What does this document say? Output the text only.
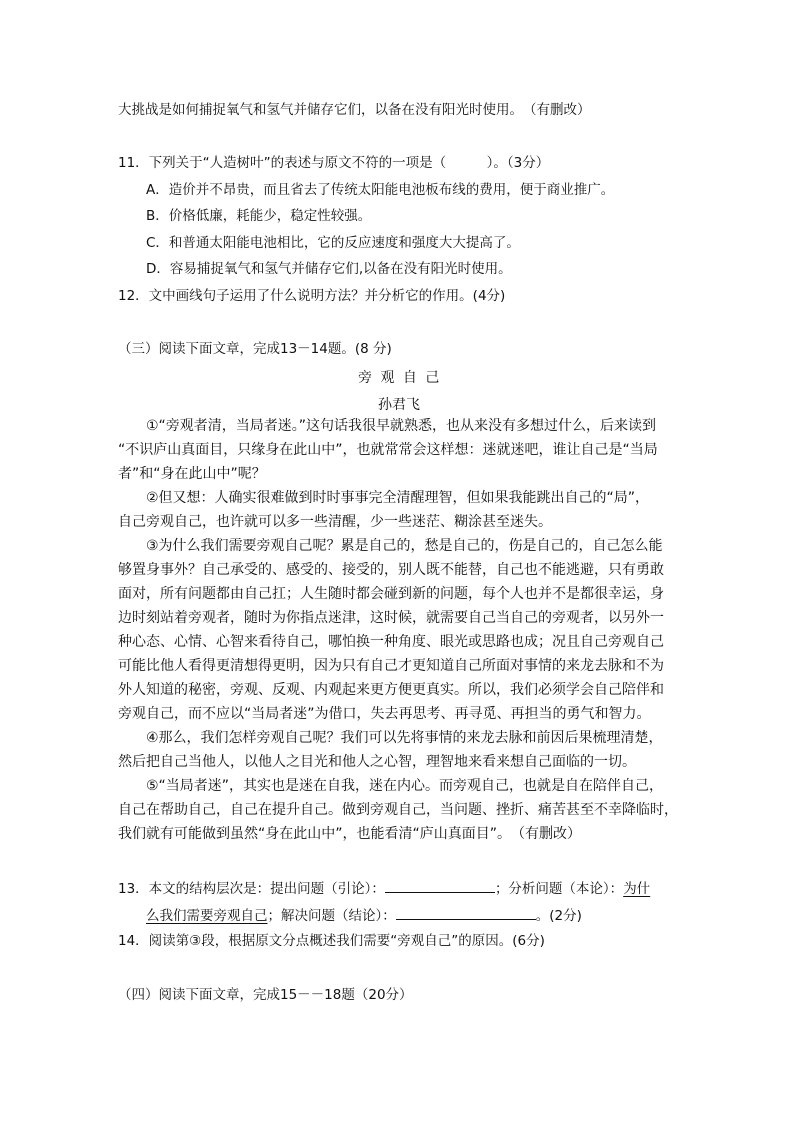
大挑战是如何捕捉氧气和氢气并储存它们，以备在没有阳光时使用。　（有删改）
11．下列关于“人造树叶”的表述与原文不符的一项是（　　　）。（3分）
A．造价并不昂贵，而且省去了传统太阳能电池板布线的费用，便于商业推广。
B．价格低廉，耗能少，稳定性较强。
C．和普通太阳能电池相比，它的反应速度和强度大大提高了。
D．容易捕捉氧气和氢气并储存它们,以备在没有阳光时使用。
12．文中画线句子运用了什么说明方法？并分析它的作用。(4分)
（三）阅读下面文章，完成13－14题。(8 分)
旁 观 自 己
孙君飞
①“旁观者清，当局者迷。”这句话我很早就熟悉，也从来没有多想过什么，后来读到
“不识庐山真面目，只缘身在此山中”，也就常常会这样想：迷就迷吧，谁让自己是“当局
者”和“身在此山中”呢？
②但又想：人确实很难做到时时事事完全清醒理智，但如果我能跳出自己的“局”，
自己旁观自己，也许就可以多一些清醒，少一些迷茫、糊涂甚至迷失。
③为什么我们需要旁观自己呢？累是自己的，愁是自己的，伤是自己的，自己怎么能
够置身事外？自己承受的、感受的、接受的，别人既不能替，自己也不能逃避，只有勇敢
面对，所有问题都由自己扛；人生随时都会碰到新的问题，每个人也并不是都很幸运，身
边时刻站着旁观者，随时为你指点迷津，这时候，就需要自己当自己的旁观者，以另外一
种心态、心情、心智来看待自己，哪怕换一种角度、眼光或思路也成；况且自己旁观自己
可能比他人看得更清想得更明，因为只有自己才更知道自己所面对事情的来龙去脉和不为
外人知道的秘密，旁观、反观、内观起来更方便更真实。所以，我们必须学会自己陪伴和
旁观自己，而不应以“当局者迷”为借口，失去再思考、再寻觅、再担当的勇气和智力。
④那么，我们怎样旁观自己呢？我们可以先将事情的来龙去脉和前因后果梳理清楚，
然后把自己当他人，以他人之目光和他人之心智，理智地来看来想自己面临的一切。
⑤“当局者迷”，其实也是迷在自我，迷在内心。而旁观自己，也就是自在陪伴自己，
自己在帮助自己，自己在提升自己。做到旁观自己，当问题、挫折、痛苦甚至不幸降临时，
我们就有可能做到虽然“身在此山中”，也能看清“庐山真面目”。　（有删改）
13．本文的结构层次是：提出问题（引论）：	；分析问题（本论）：为什
么我们需要旁观自己；解决问题（结论）：	。(2分)
14．阅读第③段，根据原文分点概述我们需要“旁观自己”的原因。(6分)
（四）阅读下面文章，完成15－－18题（20分）
